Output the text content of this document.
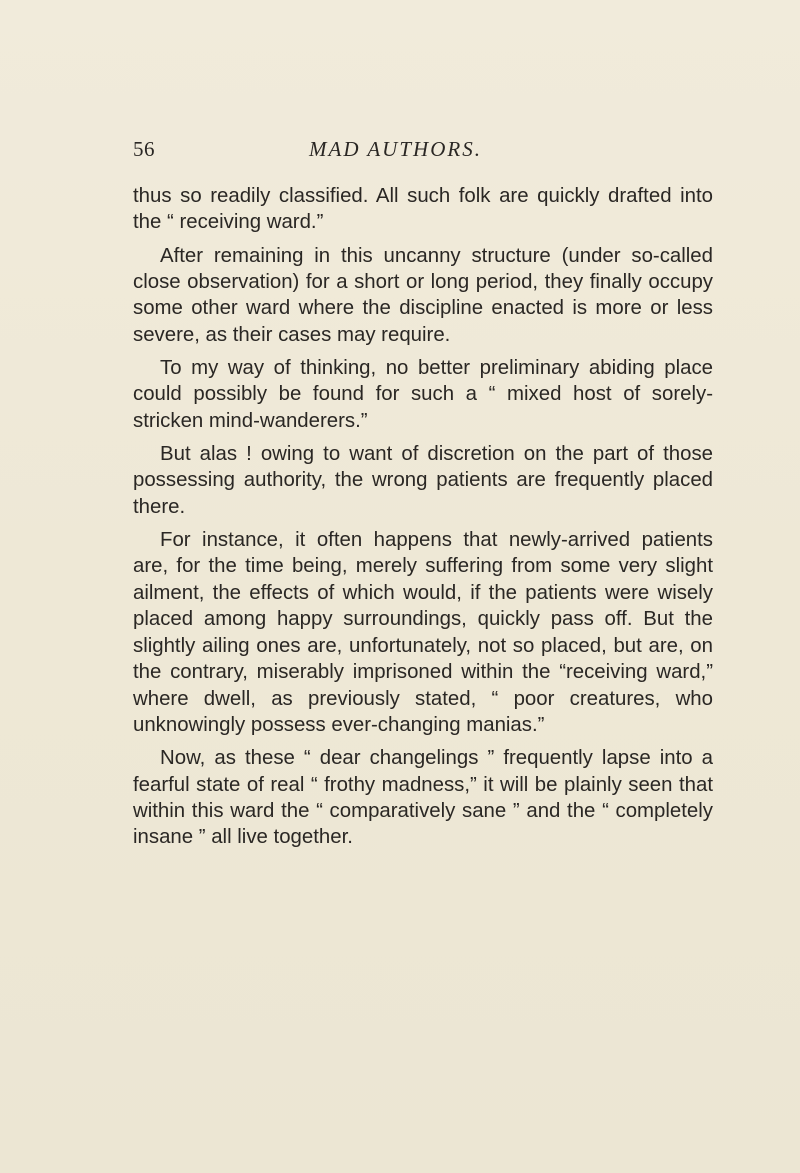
56	MAD AUTHORS.

thus so readily classified. All such folk are quickly drafted into the “ receiving ward.”

After remaining in this uncanny structure (under so-called close observation) for a short or long period, they finally occupy some other ward where the discipline enacted is more or less severe, as their cases may require.

To my way of thinking, no better preliminary abiding place could possibly be found for such a “ mixed host of sorely-stricken mind-wanderers.”

But alas ! owing to want of discretion on the part of those possessing authority, the wrong patients are frequently placed there.

For instance, it often happens that newly-arrived patients are, for the time being, merely suffering from some very slight ailment, the effects of which would, if the patients were wisely placed among happy surroundings, quickly pass off. But the slightly ailing ones are, unfortunately, not so placed, but are, on the contrary, miserably imprisoned within the “receiving ward,” where dwell, as previously stated, “ poor creatures, who unknowingly possess ever-changing manias.”

Now, as these “ dear changelings ” frequently lapse into a fearful state of real “ frothy madness,” it will be plainly seen that within this ward the “ comparatively sane ” and the “ completely insane ” all live together.
